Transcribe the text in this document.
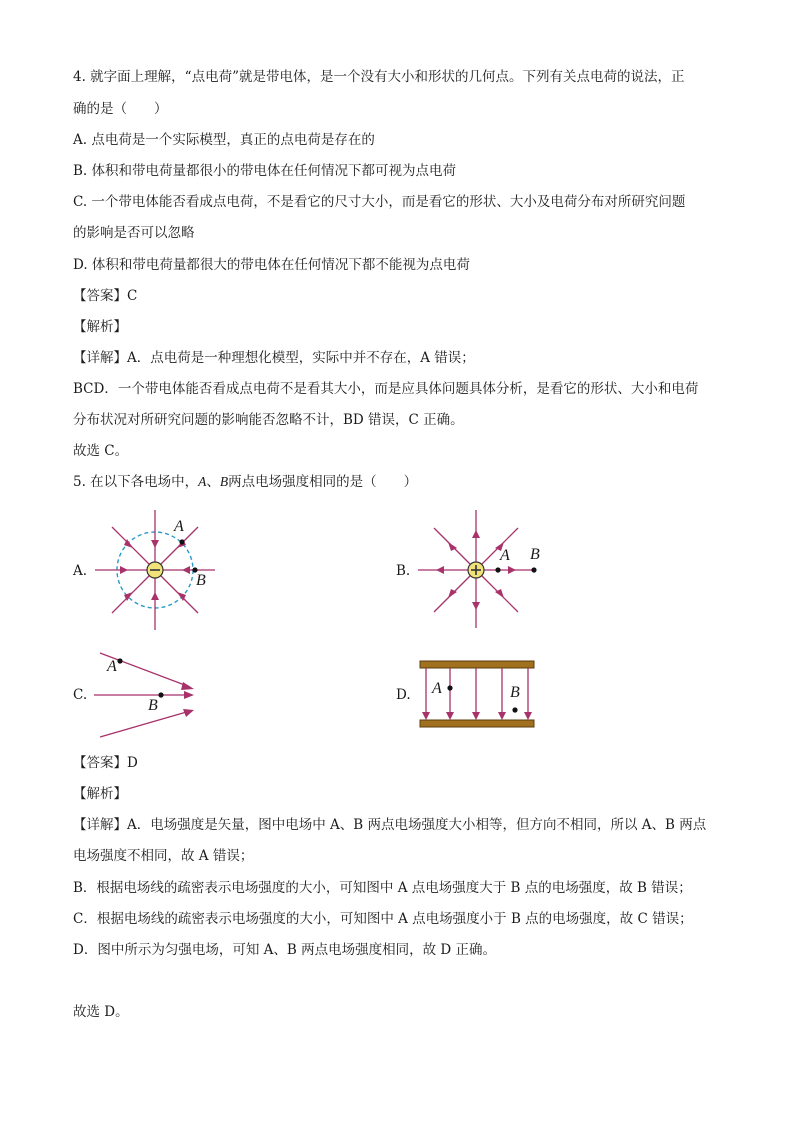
4. 就字面上理解，“点电荷”就是带电体，是一个没有大小和形状的几何点。下列有关点电荷的说法，正
确的是（　　）
A. 点电荷是一个实际模型，真正的点电荷是存在的
B. 体积和带电荷量都很小的带电体在任何情况下都可视为点电荷
C. 一个带电体能否看成点电荷，不是看它的尺寸大小，而是看它的形状、大小及电荷分布对所研究问题
的影响是否可以忽略
D. 体积和带电荷量都很大的带电体在任何情况下都不能视为点电荷
【答案】C
【解析】
【详解】A．点电荷是一种理想化模型，实际中并不存在，A 错误；
BCD．一个带电体能否看成点电荷不是看其大小，而是应具体问题具体分析，是看它的形状、大小和电荷
分布状况对所研究问题的影响能否忽略不计，BD 错误，C 正确。
故选 C。
5. 在以下各电场中，A、B两点电场强度相同的是（　　）
A.	B.
C.	D.
A
B
A B
A
B
A	B
【答案】D
【解析】
【详解】A．电场强度是矢量，图中电场中 A、B 两点电场强度大小相等，但方向不相同，所以 A、B 两点
电场强度不相同，故 A 错误；
B．根据电场线的疏密表示电场强度的大小，可知图中 A 点电场强度大于 B 点的电场强度，故 B 错误；
C．根据电场线的疏密表示电场强度的大小，可知图中 A 点电场强度小于 B 点的电场强度，故 C 错误；
D．图中所示为匀强电场，可知 A、B 两点电场强度相同，故 D 正确。
故选 D。
